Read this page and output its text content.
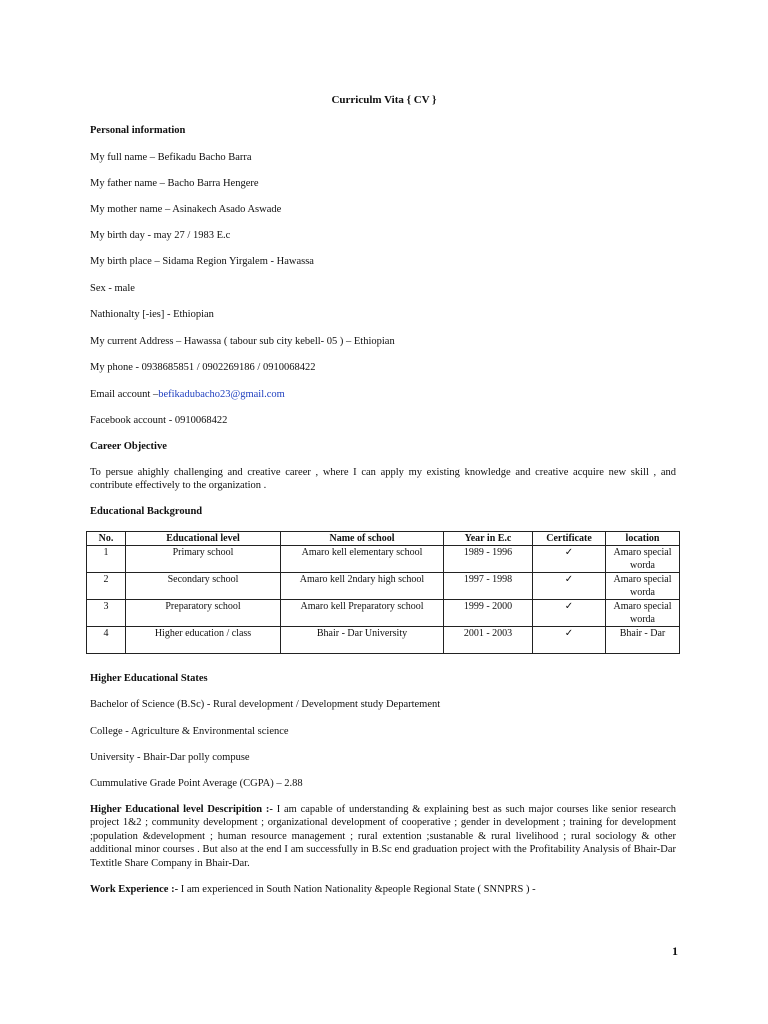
Curriculm Vita { CV }
Personal information
My full name – Befikadu Bacho Barra
My father name – Bacho Barra Hengere
My mother name – Asinakech Asado Aswade
My birth day - may 27 / 1983 E.c
My birth place – Sidama Region Yirgalem - Hawassa
Sex - male
Nathionalty [-ies] - Ethiopian
My current Address – Hawassa ( tabour sub city kebell- 05 ) – Ethiopian
My phone - 0938685851 / 0902269186 / 0910068422
Email account –befikadubacho23@gmail.com
Facebook account - 0910068422
Career Objective
To persue ahighly challenging and creative career , where I can apply my existing knowledge and creative acquire new skill , and contribute effectively to the organization .
Educational Background
No.	Educational level	Name of school	Year in E.c	Certificate	location
1	Primary school	Amaro kell elementary school	1989 - 1996	✓	Amaro special worda
2	Secondary school	Amaro kell 2ndary high school	1997 - 1998	✓	Amaro special worda
3	Preparatory school	Amaro kell Preparatory school	1999 - 2000	✓	Amaro special worda
4	Higher education / class	Bhair - Dar University	2001 - 2003	✓	Bhair - Dar
Higher Educational States
Bachelor of Science (B.Sc) - Rural development / Development study Departement
College - Agriculture & Environmental science
University - Bhair-Dar polly compuse
Cummulative Grade Point Average (CGPA) – 2.88
Higher Educational level Descripition :- I am capable of understanding & explaining best as such major courses like senior research project 1&2 ; community development ; organizational development of cooperative ; gender in development ; training for development ;population &development ; human resource management ; rural extention ;sustanable & rural livelihood ; rural sociology & other additional minor courses . But also at the end I am successfully in B.Sc end graduation project with the Profitability Analysis of Bhair-Dar Textitle Share Company in Bhair-Dar.
Work Experience :- I am experienced in South Nation Nationality &people Regional State ( SNNPRS ) -
1
